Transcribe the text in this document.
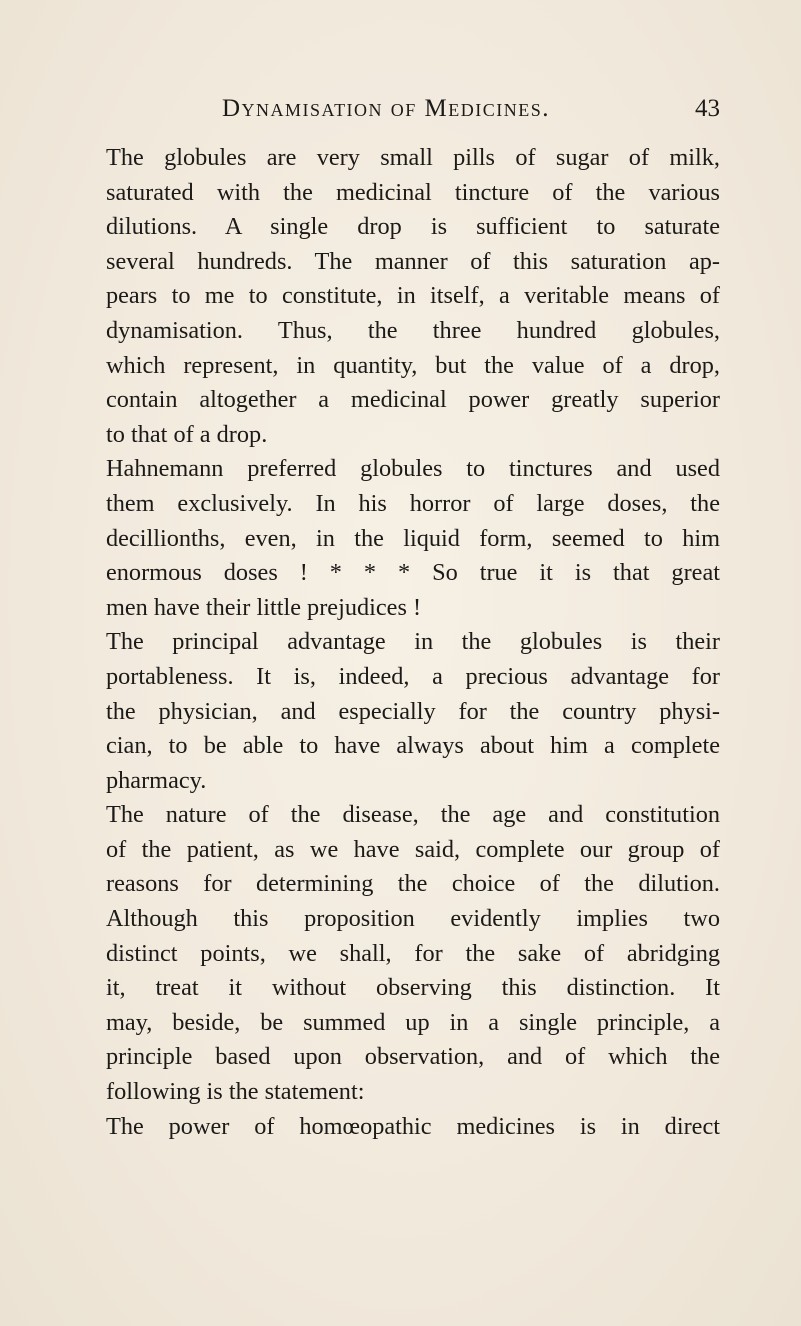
Dynamisation of Medicines.	43
The globules are very small pills of sugar of milk,
saturated with the medicinal tincture of the various
dilutions. A single drop is sufficient to saturate
several hundreds. The manner of this saturation ap-
pears to me to constitute, in itself, a veritable means of
dynamisation. Thus, the three hundred globules,
which represent, in quantity, but the value of a drop,
contain altogether a medicinal power greatly superior
to that of a drop.
Hahnemann preferred globules to tinctures and used
them exclusively. In his horror of large doses, the
decillionths, even, in the liquid form, seemed to him
enormous doses ! * * * So true it is that great
men have their little prejudices !
The principal advantage in the globules is their
portableness. It is, indeed, a precious advantage for
the physician, and especially for the country physi-
cian, to be able to have always about him a complete
pharmacy.
The nature of the disease, the age and constitution
of the patient, as we have said, complete our group of
reasons for determining the choice of the dilution.
Although this proposition evidently implies two
distinct points, we shall, for the sake of abridging
it, treat it without observing this distinction. It
may, beside, be summed up in a single principle, a
principle based upon observation, and of which the
following is the statement:
The power of homœopathic medicines is in direct
